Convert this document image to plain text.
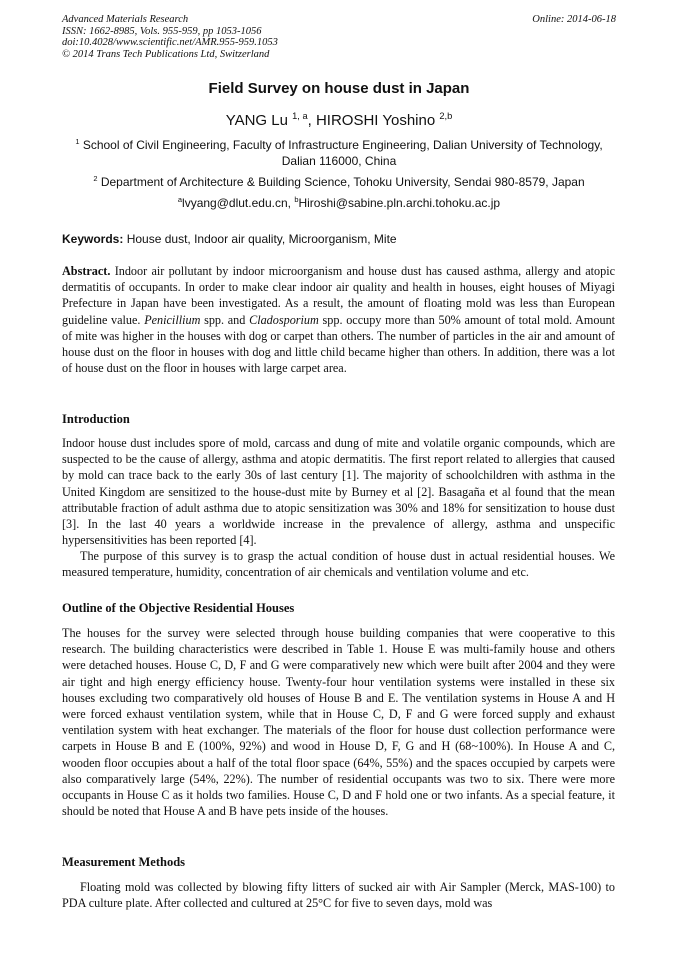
Advanced Materials Research
ISSN: 1662-8985, Vols. 955-959, pp 1053-1056
doi:10.4028/www.scientific.net/AMR.955-959.1053
© 2014 Trans Tech Publications Ltd, Switzerland
Online: 2014-06-18
Field Survey on house dust in Japan
YANG Lu $^{1, a}$, HIROSHI Yoshino $^{2,b}$
$^1$ School of Civil Engineering, Faculty of Infrastructure Engineering, Dalian University of Technology, Dalian 116000, China
$^2$ Department of Architecture & Building Science, Tohoku University, Sendai 980-8579, Japan
$^a$lvyang@dlut.edu.cn, $^b$Hiroshi@sabine.pln.archi.tohoku.ac.jp
Keywords: House dust, Indoor air quality, Microorganism, Mite
Abstract. Indoor air pollutant by indoor microorganism and house dust has caused asthma, allergy and atopic dermatitis of occupants. In order to make clear indoor air quality and health in houses, eight houses of Miyagi Prefecture in Japan have been investigated. As a result, the amount of floating mold was less than European guideline value. Penicillium spp. and Cladosporium spp. occupy more than 50% amount of total mold. Amount of mite was higher in the houses with dog or carpet than others. The number of particles in the air and amount of house dust on the floor in houses with dog and little child became higher than others. In addition, there was a lot of house dust on the floor in houses with large carpet area.
Introduction
Indoor house dust includes spore of mold, carcass and dung of mite and volatile organic compounds, which are suspected to be the cause of allergy, asthma and atopic dermatitis. The first report related to allergies that caused by mold can trace back to the early 30s of last century [1]. The majority of schoolchildren with asthma in the United Kingdom are sensitized to the house-dust mite by Burney et al [2]. Basagaña et al found that the mean attributable fraction of adult asthma due to atopic sensitization was 30% and 18% for sensitization to house dust [3]. In the last 40 years a worldwide increase in the prevalence of allergy, asthma and unspecific hypersensitivities has been reported [4].
The purpose of this survey is to grasp the actual condition of house dust in actual residential houses. We measured temperature, humidity, concentration of air chemicals and ventilation volume and etc.
Outline of the Objective Residential Houses
The houses for the survey were selected through house building companies that were cooperative to this research. The building characteristics were described in Table 1. House E was multi-family house and others were detached houses. House C, D, F and G were comparatively new which were built after 2004 and they were air tight and high energy efficiency house. Twenty-four hour ventilation systems were installed in these six houses excluding two comparatively old houses of House B and E. The ventilation systems in House A and H were forced exhaust ventilation system, while that in House C, D, F and G were forced supply and exhaust ventilation system with heat exchanger. The materials of the floor for house dust collection performance were carpets in House B and E (100%, 92%) and wood in House D, F, G and H (68~100%). In House A and C, wooden floor occupies about a half of the total floor space (64%, 55%) and the spaces occupied by carpets were also comparatively large (54%, 22%). The number of residential occupants was two to six. There were more occupants in House C as it holds two families. House C, D and F hold one or two infants. As a special feature, it should be noted that House A and B have pets inside of the houses.
Measurement Methods
Floating mold was collected by blowing fifty litters of sucked air with Air Sampler (Merck, MAS-100) to PDA culture plate. After collected and cultured at 25°C for five to seven days, mold was
